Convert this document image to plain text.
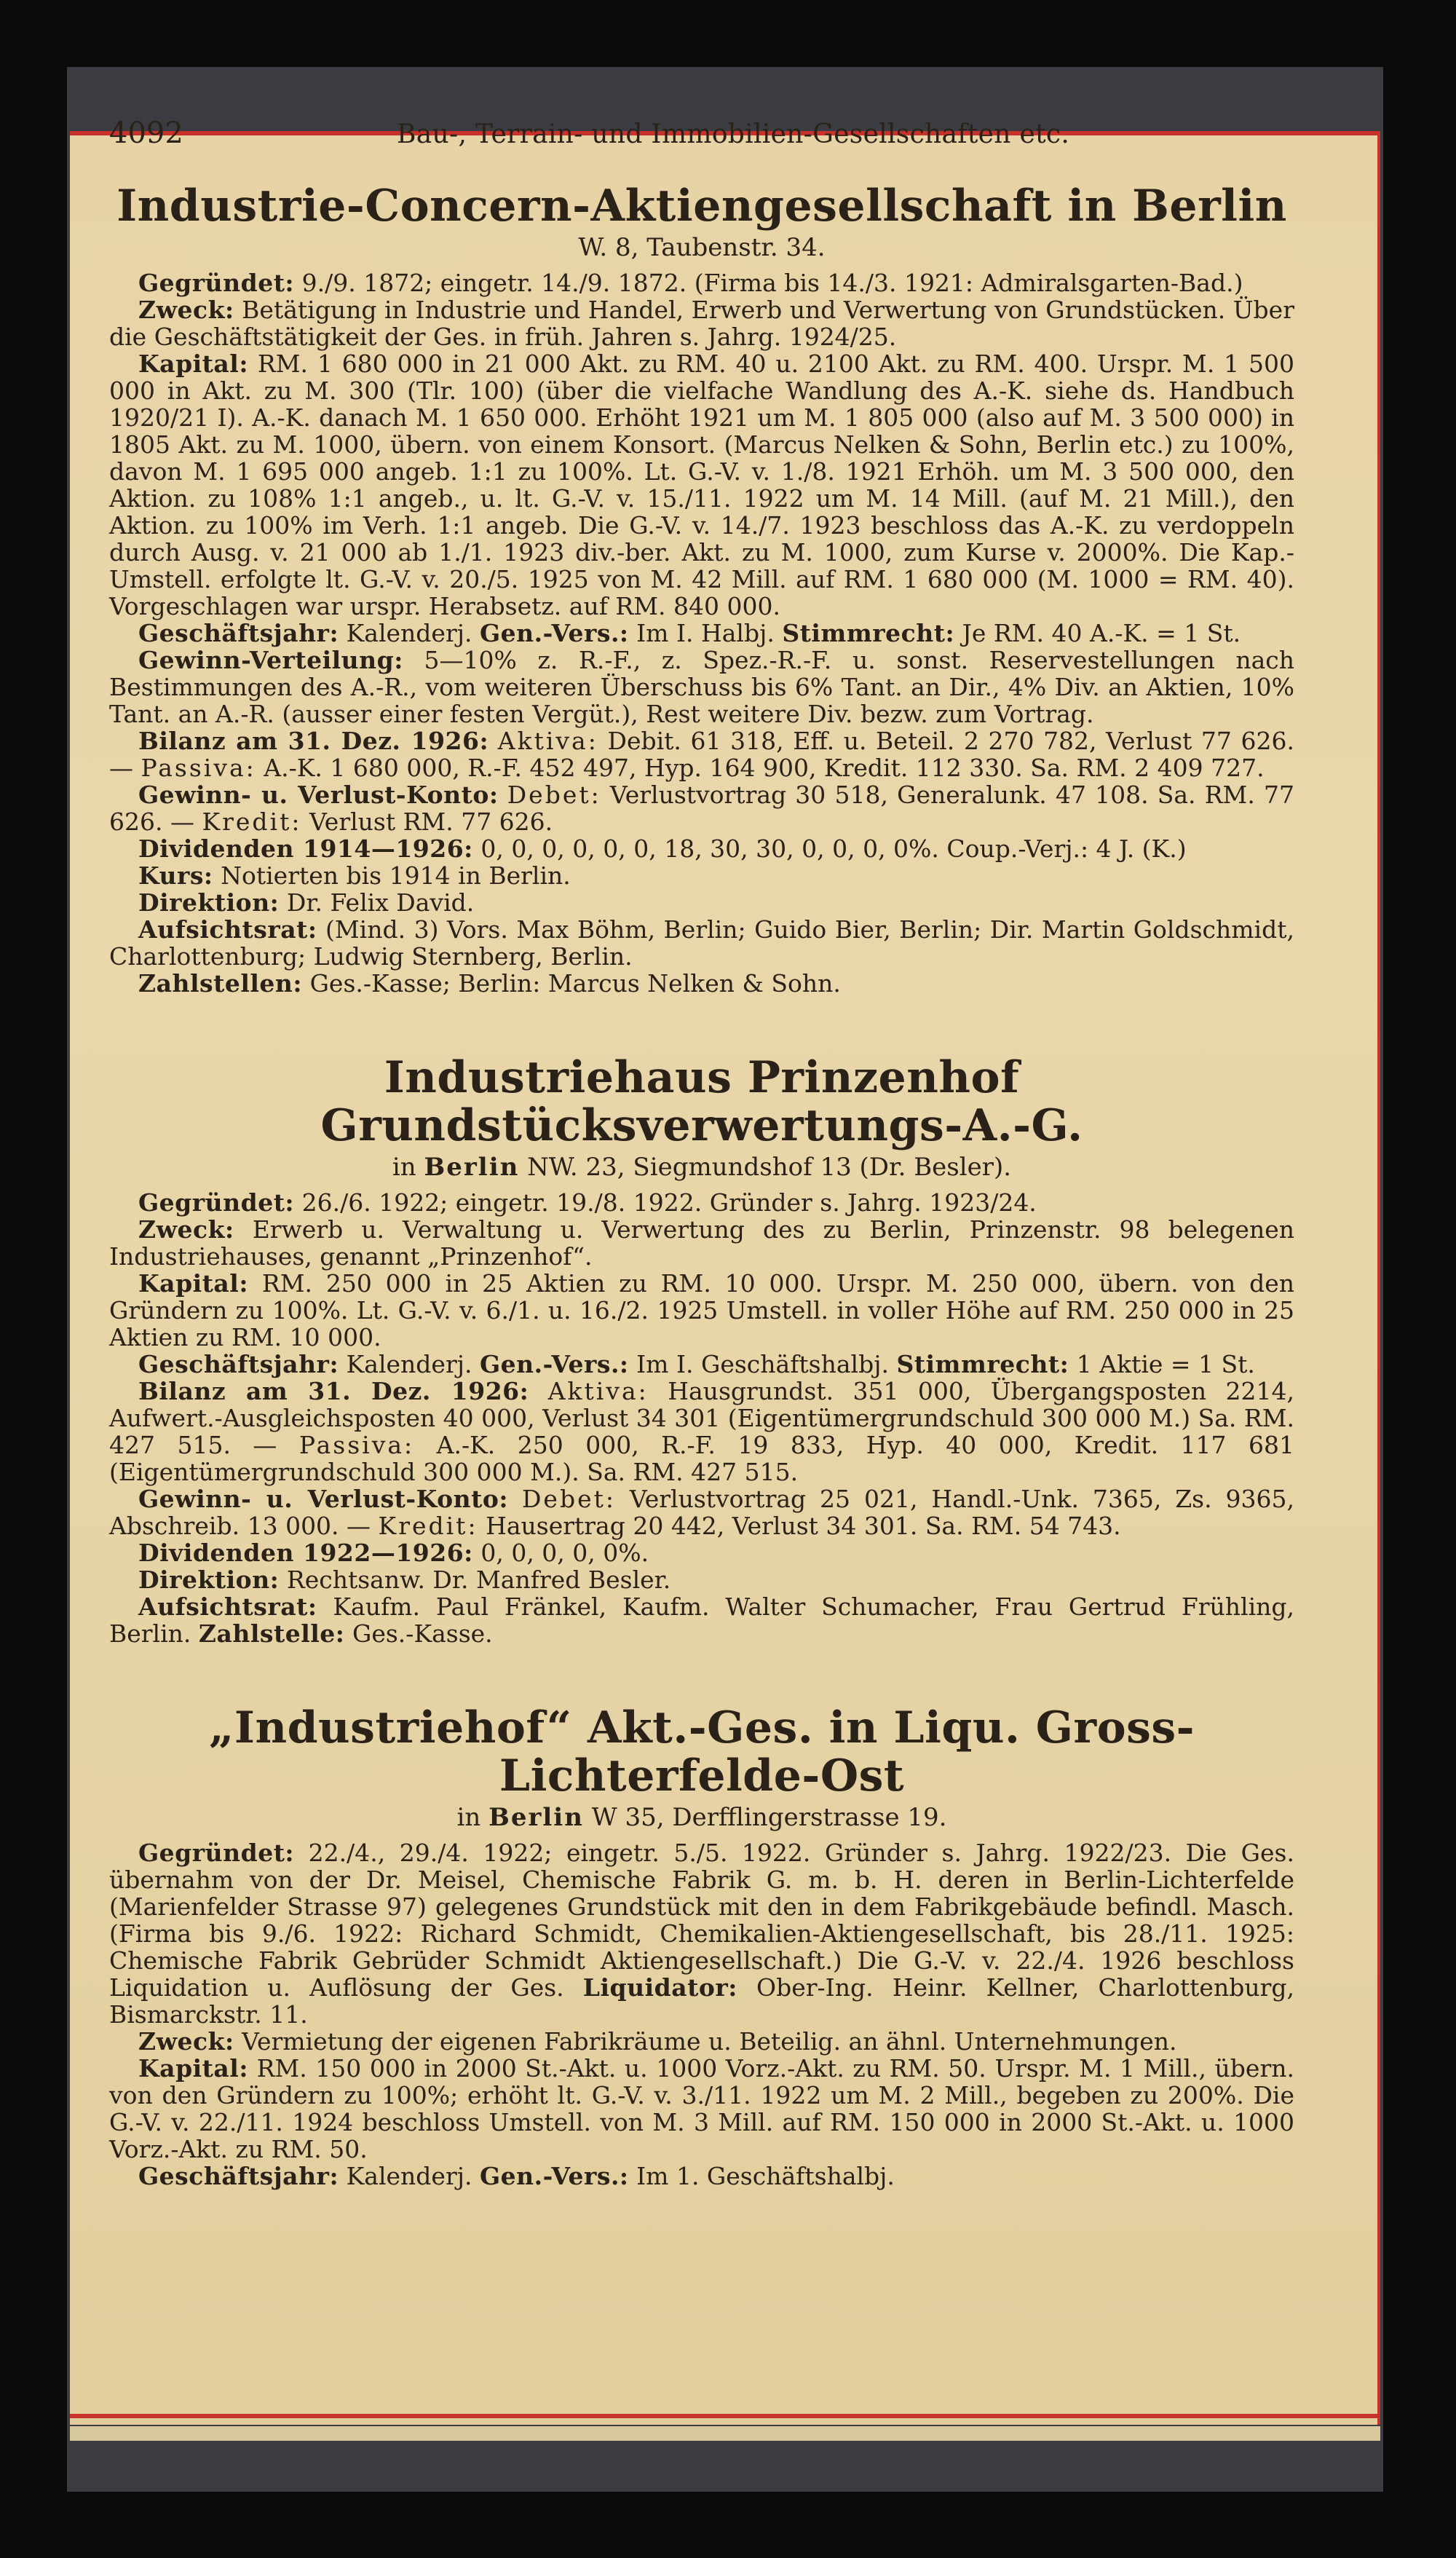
4092	Bau-, Terrain- und Immobilien-Gesellschaften etc.
Industrie-Concern-Aktiengesellschaft in Berlin
W. 8, Taubenstr. 34.

Gegründet: 9./9. 1872; eingetr. 14./9. 1872. (Firma bis 14./3. 1921: Admiralsgarten-Bad.)

Zweck: Betätigung in Industrie und Handel, Erwerb und Verwertung von Grundstücken. Über die Geschäftstätigkeit der Ges. in früh. Jahren s. Jahrg. 1924/25.

Kapital: RM. 1 680 000 in 21 000 Akt. zu RM. 40 u. 2100 Akt. zu RM. 400. Urspr. M. 1 500 000 in Akt. zu M. 300 (Tlr. 100) (über die vielfache Wandlung des A.-K. siehe ds. Handbuch 1920/21 I). A.-K. danach M. 1 650 000. Erhöht 1921 um M. 1 805 000 (also auf M. 3 500 000) in 1805 Akt. zu M. 1000, übern. von einem Konsort. (Marcus Nelken & Sohn, Berlin etc.) zu 100%, davon M. 1 695 000 angeb. 1:1 zu 100%. Lt. G.-V. v. 1./8. 1921 Erhöh. um M. 3 500 000, den Aktion. zu 108% 1:1 angeb., u. lt. G.-V. v. 15./11. 1922 um M. 14 Mill. (auf M. 21 Mill.), den Aktion. zu 100% im Verh. 1:1 angeb. Die G.-V. v. 14./7. 1923 beschloss das A.-K. zu verdoppeln durch Ausg. v. 21 000 ab 1./1. 1923 div.-ber. Akt. zu M. 1000, zum Kurse v. 2000%. Die Kap.-Umstell. erfolgte lt. G.-V. v. 20./5. 1925 von M. 42 Mill. auf RM. 1 680 000 (M. 1000 = RM. 40). Vorgeschlagen war urspr. Herabsetz. auf RM. 840 000.

Geschäftsjahr: Kalenderj. Gen.-Vers.: Im I. Halbj. Stimmrecht: Je RM. 40 A.-K. = 1 St.

Gewinn-Verteilung: 5—10% z. R.-F., z. Spez.-R.-F. u. sonst. Reservestellungen nach Bestimmungen des A.-R., vom weiteren Überschuss bis 6% Tant. an Dir., 4% Div. an Aktien, 10% Tant. an A.-R. (ausser einer festen Vergüt.), Rest weitere Div. bezw. zum Vortrag.

Bilanz am 31. Dez. 1926: Aktiva: Debit. 61 318, Eff. u. Beteil. 2 270 782, Verlust 77 626. — Passiva: A.-K. 1 680 000, R.-F. 452 497, Hyp. 164 900, Kredit. 112 330. Sa. RM. 2 409 727.

Gewinn- u. Verlust-Konto: Debet: Verlustvortrag 30 518, Generalunk. 47 108. Sa. RM. 77 626. — Kredit: Verlust RM. 77 626.

Dividenden 1914—1926: 0, 0, 0, 0, 0, 0, 18, 30, 30, 0, 0, 0, 0%. Coup.-Verj.: 4 J. (K.)

Kurs: Notierten bis 1914 in Berlin.

Direktion: Dr. Felix David.

Aufsichtsrat: (Mind. 3) Vors. Max Böhm, Berlin; Guido Bier, Berlin; Dir. Martin Goldschmidt, Charlottenburg; Ludwig Sternberg, Berlin.

Zahlstellen: Ges.-Kasse; Berlin: Marcus Nelken & Sohn.

Industriehaus Prinzenhof Grundstücksverwertungs-A.-G.
in Berlin NW. 23, Siegmundshof 13 (Dr. Besler).

Gegründet: 26./6. 1922; eingetr. 19./8. 1922. Gründer s. Jahrg. 1923/24.

Zweck: Erwerb u. Verwaltung u. Verwertung des zu Berlin, Prinzenstr. 98 belegenen Industriehauses, genannt „Prinzenhof“.

Kapital: RM. 250 000 in 25 Aktien zu RM. 10 000. Urspr. M. 250 000, übern. von den Gründern zu 100%. Lt. G.-V. v. 6./1. u. 16./2. 1925 Umstell. in voller Höhe auf RM. 250 000 in 25 Aktien zu RM. 10 000.

Geschäftsjahr: Kalenderj. Gen.-Vers.: Im I. Geschäftshalbj. Stimmrecht: 1 Aktie = 1 St.

Bilanz am 31. Dez. 1926: Aktiva: Hausgrundst. 351 000, Übergangsposten 2214, Aufwert.-Ausgleichsposten 40 000, Verlust 34 301 (Eigentümergrundschuld 300 000 M.) Sa. RM. 427 515. — Passiva: A.-K. 250 000, R.-F. 19 833, Hyp. 40 000, Kredit. 117 681 (Eigentümergrundschuld 300 000 M.). Sa. RM. 427 515.

Gewinn- u. Verlust-Konto: Debet: Verlustvortrag 25 021, Handl.-Unk. 7365, Zs. 9365, Abschreib. 13 000. — Kredit: Hausertrag 20 442, Verlust 34 301. Sa. RM. 54 743.

Dividenden 1922—1926: 0, 0, 0, 0, 0%.

Direktion: Rechtsanw. Dr. Manfred Besler.

Aufsichtsrat: Kaufm. Paul Fränkel, Kaufm. Walter Schumacher, Frau Gertrud Frühling, Berlin. Zahlstelle: Ges.-Kasse.

„Industriehof“ Akt.-Ges. in Liqu. Gross-Lichterfelde-Ost
in Berlin W 35, Derfflingerstrasse 19.

Gegründet: 22./4., 29./4. 1922; eingetr. 5./5. 1922. Gründer s. Jahrg. 1922/23. Die Ges. übernahm von der Dr. Meisel, Chemische Fabrik G. m. b. H. deren in Berlin-Lichterfelde (Marienfelder Strasse 97) gelegenes Grundstück mit den in dem Fabrikgebäude befindl. Masch. (Firma bis 9./6. 1922: Richard Schmidt, Chemikalien-Aktiengesellschaft, bis 28./11. 1925: Chemische Fabrik Gebrüder Schmidt Aktiengesellschaft.) Die G.-V. v. 22./4. 1926 beschloss Liquidation u. Auflösung der Ges. Liquidator: Ober-Ing. Heinr. Kellner, Charlottenburg, Bismarckstr. 11.

Zweck: Vermietung der eigenen Fabrikräume u. Beteilig. an ähnl. Unternehmungen.

Kapital: RM. 150 000 in 2000 St.-Akt. u. 1000 Vorz.-Akt. zu RM. 50. Urspr. M. 1 Mill., übern. von den Gründern zu 100%; erhöht lt. G.-V. v. 3./11. 1922 um M. 2 Mill., begeben zu 200%. Die G.-V. v. 22./11. 1924 beschloss Umstell. von M. 3 Mill. auf RM. 150 000 in 2000 St.-Akt. u. 1000 Vorz.-Akt. zu RM. 50.

Geschäftsjahr: Kalenderj. Gen.-Vers.: Im 1. Geschäftshalbj.
